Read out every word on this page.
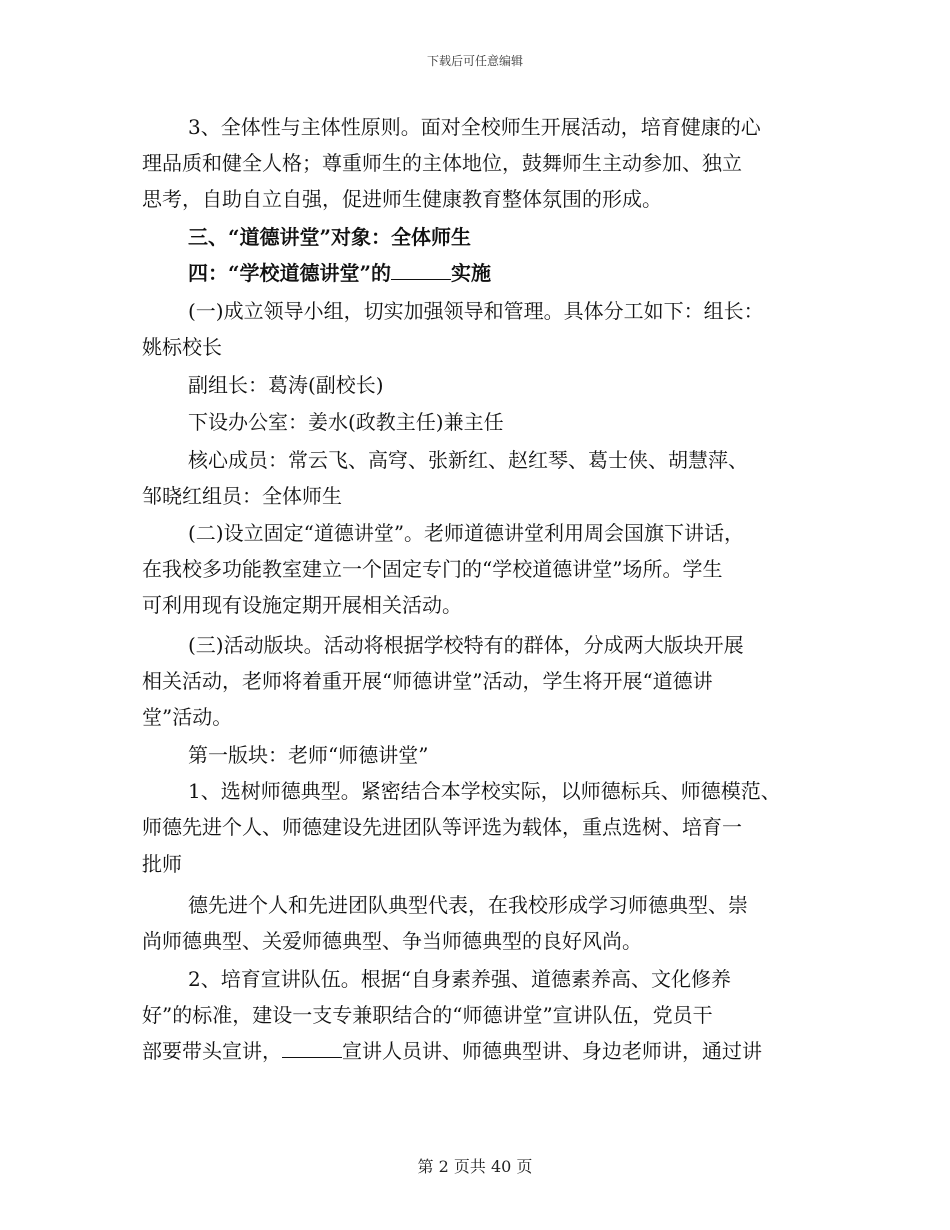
下载后可任意编辑
3、全体性与主体性原则。面对全校师生开展活动，培育健康的心
理品质和健全人格；尊重师生的主体地位，鼓舞师生主动参加、独立
思考，自助自立自强，促进师生健康教育整体氛围的形成。
三、“道德讲堂”对象：全体师生
四：“学校道德讲堂”的	实施
(一)成立领导小组，切实加强领导和管理。具体分工如下：组长：
姚标校长
副组长：葛涛(副校长)
下设办公室：姜水(政教主任)兼主任
核心成员：常云飞、高穹、张新红、赵红琴、葛士侠、胡慧萍、
邹晓红组员：全体师生
(二)设立固定“道德讲堂”。老师道德讲堂利用周会国旗下讲话，
在我校多功能教室建立一个固定专门的“学校道德讲堂”场所。学生
可利用现有设施定期开展相关活动。
(三)活动版块。活动将根据学校特有的群体，分成两大版块开展
相关活动，老师将着重开展“师德讲堂”活动，学生将开展“道德讲
堂”活动。
第一版块：老师“师德讲堂”
1、选树师德典型。紧密结合本学校实际，以师德标兵、师德模范、
师德先进个人、师德建设先进团队等评选为载体，重点选树、培育一
批师
德先进个人和先进团队典型代表，在我校形成学习师德典型、崇
尚师德典型、关爱师德典型、争当师德典型的良好风尚。
2、培育宣讲队伍。根据“自身素养强、道德素养高、文化修养
好”的标准，建设一支专兼职结合的“师德讲堂”宣讲队伍，党员干
部要带头宣讲，	宣讲人员讲、师德典型讲、身边老师讲，通过讲
第 2 页共 40 页
